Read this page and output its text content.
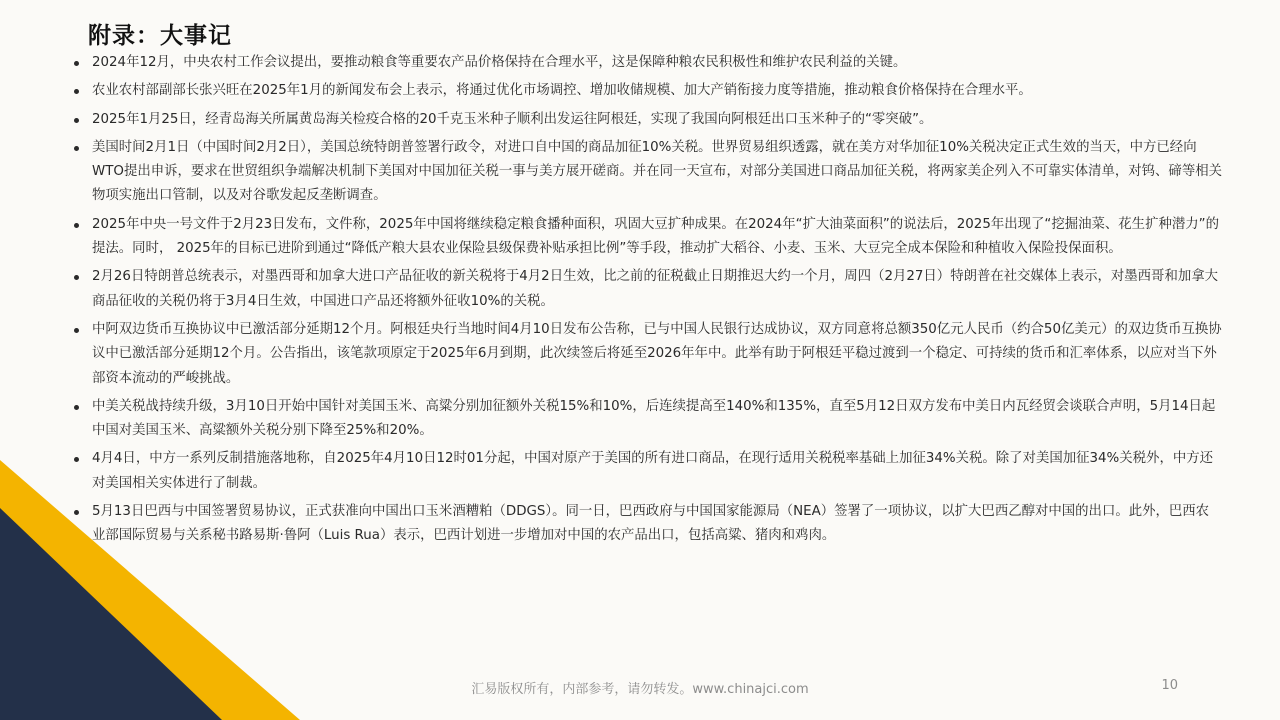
附录：大事记
2024年12月，中央农村工作会议提出，要推动粮食等重要农产品价格保持在合理水平，这是保障种粮农民积极性和维护农民利益的关键。
农业农村部副部长张兴旺在2025年1月的新闻发布会上表示，将通过优化市场调控、增加收储规模、加大产销衔接力度等措施，推动粮食价格保持在合理水平。
2025年1月25日，经青岛海关所属黄岛海关检疫合格的20千克玉米种子顺利出发运往阿根廷，实现了我国向阿根廷出口玉米种子的“零突破”。
美国时间2月1日（中国时间2月2日），美国总统特朗普签署行政令，对进口自中国的商品加征10%关税。世界贸易组织透露，就在美方对华加征10%关税决定正式生效的当天，中方已经向WTO提出申诉，要求在世贸组织争端解决机制下美国对中国加征关税一事与美方展开磋商。并在同一天宣布，对部分美国进口商品加征关税，将两家美企列入不可靠实体清单，对钨、碲等相关物项实施出口管制，以及对谷歌发起反垄断调查。
2025年中央一号文件于2月23日发布，文件称，2025年中国将继续稳定粮食播种面积，巩固大豆扩种成果。在2024年“扩大油菜面积”的说法后，2025年出现了“挖掘油菜、花生扩种潜力”的提法。同时， 2025年的目标已进阶到通过“降低产粮大县农业保险县级保费补贴承担比例”等手段，推动扩大稻谷、小麦、玉米、大豆完全成本保险和种植收入保险投保面积。
2月26日特朗普总统表示，对墨西哥和加拿大进口产品征收的新关税将于4月2日生效，比之前的征税截止日期推迟大约一个月，周四（2月27日）特朗普在社交媒体上表示，对墨西哥和加拿大商品征收的关税仍将于3月4日生效，中国进口产品还将额外征收10%的关税。
中阿双边货币互换协议中已激活部分延期12个月。阿根廷央行当地时间4月10日发布公告称，已与中国人民银行达成协议，双方同意将总额350亿元人民币（约合50亿美元）的双边货币互换协议中已激活部分延期12个月。公告指出，该笔款项原定于2025年6月到期，此次续签后将延至2026年年中。此举有助于阿根廷平稳过渡到一个稳定、可持续的货币和汇率体系，以应对当下外部资本流动的严峻挑战。
中美关税战持续升级，3月10日开始中国针对美国玉米、高粱分别加征额外关税15%和10%，后连续提高至140%和135%，直至5月12日双方发布中美日内瓦经贸会谈联合声明，5月14日起中国对美国玉米、高粱额外关税分别下降至25%和20%。
4月4日，中方一系列反制措施落地称，自2025年4月10日12时01分起，中国对原产于美国的所有进口商品，在现行适用关税税率基础上加征34%关税。除了对美国加征34%关税外，中方还对美国相关实体进行了制裁。
5月13日巴西与中国签署贸易协议，正式获准向中国出口玉米酒糟粕（DDGS）。同一日，巴西政府与中国国家能源局（NEA）签署了一项协议，以扩大巴西乙醇对中国的出口。此外，巴西农业部国际贸易与关系秘书路易斯·鲁阿（Luis Rua）表示，巴西计划进一步增加对中国的农产品出口，包括高粱、猪肉和鸡肉。
汇易版权所有，内部参考，请勿转发。www.chinajci.com	10
